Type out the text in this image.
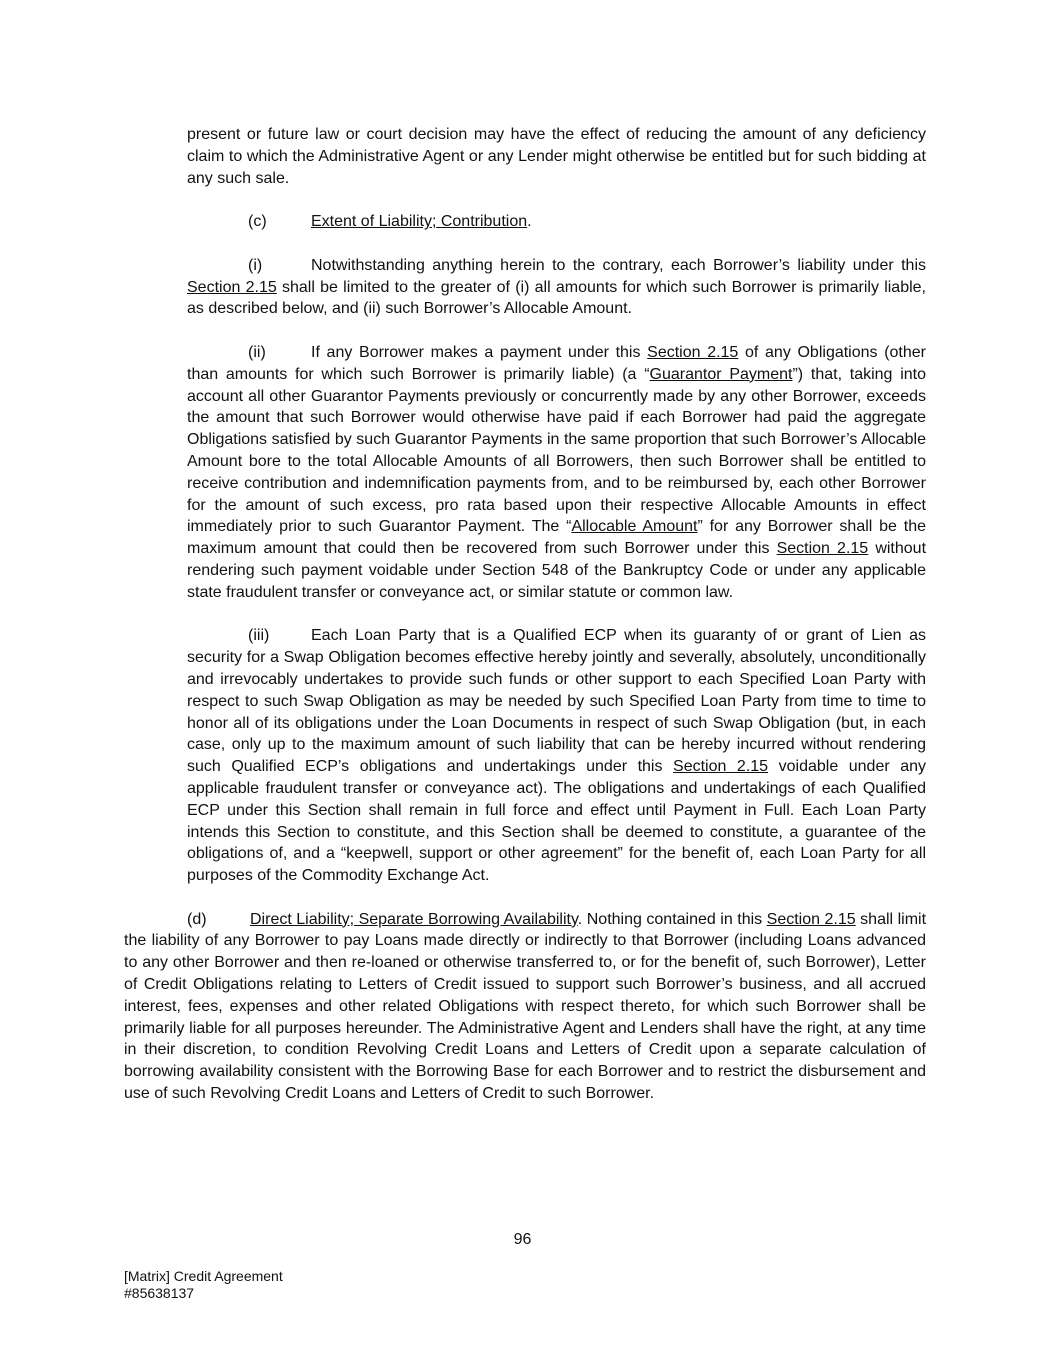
present or future law or court decision may have the effect of reducing the amount of any deficiency claim to which the Administrative Agent or any Lender might otherwise be entitled but for such bidding at any such sale.

(c)	Extent of Liability; Contribution.

(i)	Notwithstanding anything herein to the contrary, each Borrower’s liability under this Section 2.15 shall be limited to the greater of (i) all amounts for which such Borrower is primarily liable, as described below, and (ii) such Borrower’s Allocable Amount.

(ii)	If any Borrower makes a payment under this Section 2.15 of any Obligations (other than amounts for which such Borrower is primarily liable) (a “Guarantor Payment”) that, taking into account all other Guarantor Payments previously or concurrently made by any other Borrower, exceeds the amount that such Borrower would otherwise have paid if each Borrower had paid the aggregate Obligations satisfied by such Guarantor Payments in the same proportion that such Borrower’s Allocable Amount bore to the total Allocable Amounts of all Borrowers, then such Borrower shall be entitled to receive contribution and indemnification payments from, and to be reimbursed by, each other Borrower for the amount of such excess, pro rata based upon their respective Allocable Amounts in effect immediately prior to such Guarantor Payment. The “Allocable Amount” for any Borrower shall be the maximum amount that could then be recovered from such Borrower under this Section 2.15 without rendering such payment voidable under Section 548 of the Bankruptcy Code or under any applicable state fraudulent transfer or conveyance act, or similar statute or common law.

(iii)	Each Loan Party that is a Qualified ECP when its guaranty of or grant of Lien as security for a Swap Obligation becomes effective hereby jointly and severally, absolutely, unconditionally and irrevocably undertakes to provide such funds or other support to each Specified Loan Party with respect to such Swap Obligation as may be needed by such Specified Loan Party from time to time to honor all of its obligations under the Loan Documents in respect of such Swap Obligation (but, in each case, only up to the maximum amount of such liability that can be hereby incurred without rendering such Qualified ECP’s obligations and undertakings under this Section 2.15 voidable under any applicable fraudulent transfer or conveyance act). The obligations and undertakings of each Qualified ECP under this Section shall remain in full force and effect until Payment in Full. Each Loan Party intends this Section to constitute, and this Section shall be deemed to constitute, a guarantee of the obligations of, and a “keepwell, support or other agreement” for the benefit of, each Loan Party for all purposes of the Commodity Exchange Act.

(d)	Direct Liability; Separate Borrowing Availability. Nothing contained in this Section 2.15 shall limit the liability of any Borrower to pay Loans made directly or indirectly to that Borrower (including Loans advanced to any other Borrower and then re-loaned or otherwise transferred to, or for the benefit of, such Borrower), Letter of Credit Obligations relating to Letters of Credit issued to support such Borrower’s business, and all accrued interest, fees, expenses and other related Obligations with respect thereto, for which such Borrower shall be primarily liable for all purposes hereunder. The Administrative Agent and Lenders shall have the right, at any time in their discretion, to condition Revolving Credit Loans and Letters of Credit upon a separate calculation of borrowing availability consistent with the Borrowing Base for each Borrower and to restrict the disbursement and use of such Revolving Credit Loans and Letters of Credit to such Borrower.

96
[Matrix] Credit Agreement
#85638137
